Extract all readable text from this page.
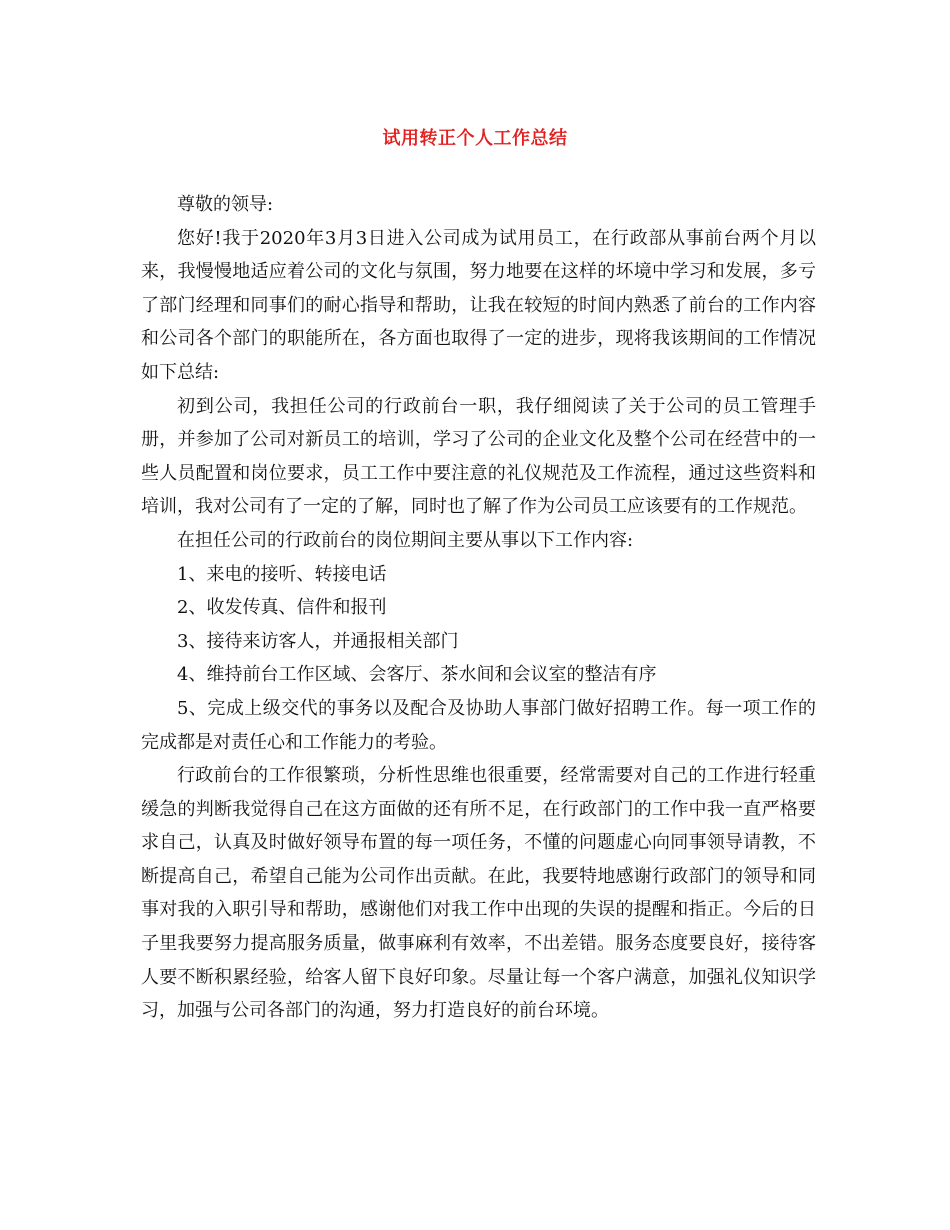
试用转正个人工作总结

尊敬的领导:

您好!我于2020年3月3日进入公司成为试用员工，在行政部从事前台两个月以来，我慢慢地适应着公司的文化与氛围，努力地要在这样的坏境中学习和发展，多亏了部门经理和同事们的耐心指导和帮助，让我在较短的时间内熟悉了前台的工作内容和公司各个部门的职能所在，各方面也取得了一定的进步，现将我该期间的工作情况如下总结:

初到公司，我担任公司的行政前台一职，我仔细阅读了关于公司的员工管理手册，并参加了公司对新员工的培训，学习了公司的企业文化及整个公司在经营中的一些人员配置和岗位要求，员工工作中要注意的礼仪规范及工作流程，通过这些资料和培训，我对公司有了一定的了解，同时也了解了作为公司员工应该要有的工作规范。

在担任公司的行政前台的岗位期间主要从事以下工作内容:

1、来电的接听、转接电话

2、收发传真、信件和报刊

3、接待来访客人，并通报相关部门

4、维持前台工作区域、会客厅、茶水间和会议室的整洁有序

5、完成上级交代的事务以及配合及协助人事部门做好招聘工作。每一项工作的完成都是对责任心和工作能力的考验。

行政前台的工作很繁琐，分析性思维也很重要，经常需要对自己的工作进行轻重缓急的判断我觉得自己在这方面做的还有所不足，在行政部门的工作中我一直严格要求自己，认真及时做好领导布置的每一项任务，不懂的问题虚心向同事领导请教，不断提高自己，希望自己能为公司作出贡献。在此，我要特地感谢行政部门的领导和同事对我的入职引导和帮助，感谢他们对我工作中出现的失误的提醒和指正。今后的日子里我要努力提高服务质量，做事麻利有效率，不出差错。服务态度要良好，接待客人要不断积累经验，给客人留下良好印象。尽量让每一个客户满意，加强礼仪知识学习，加强与公司各部门的沟通，努力打造良好的前台环境。
